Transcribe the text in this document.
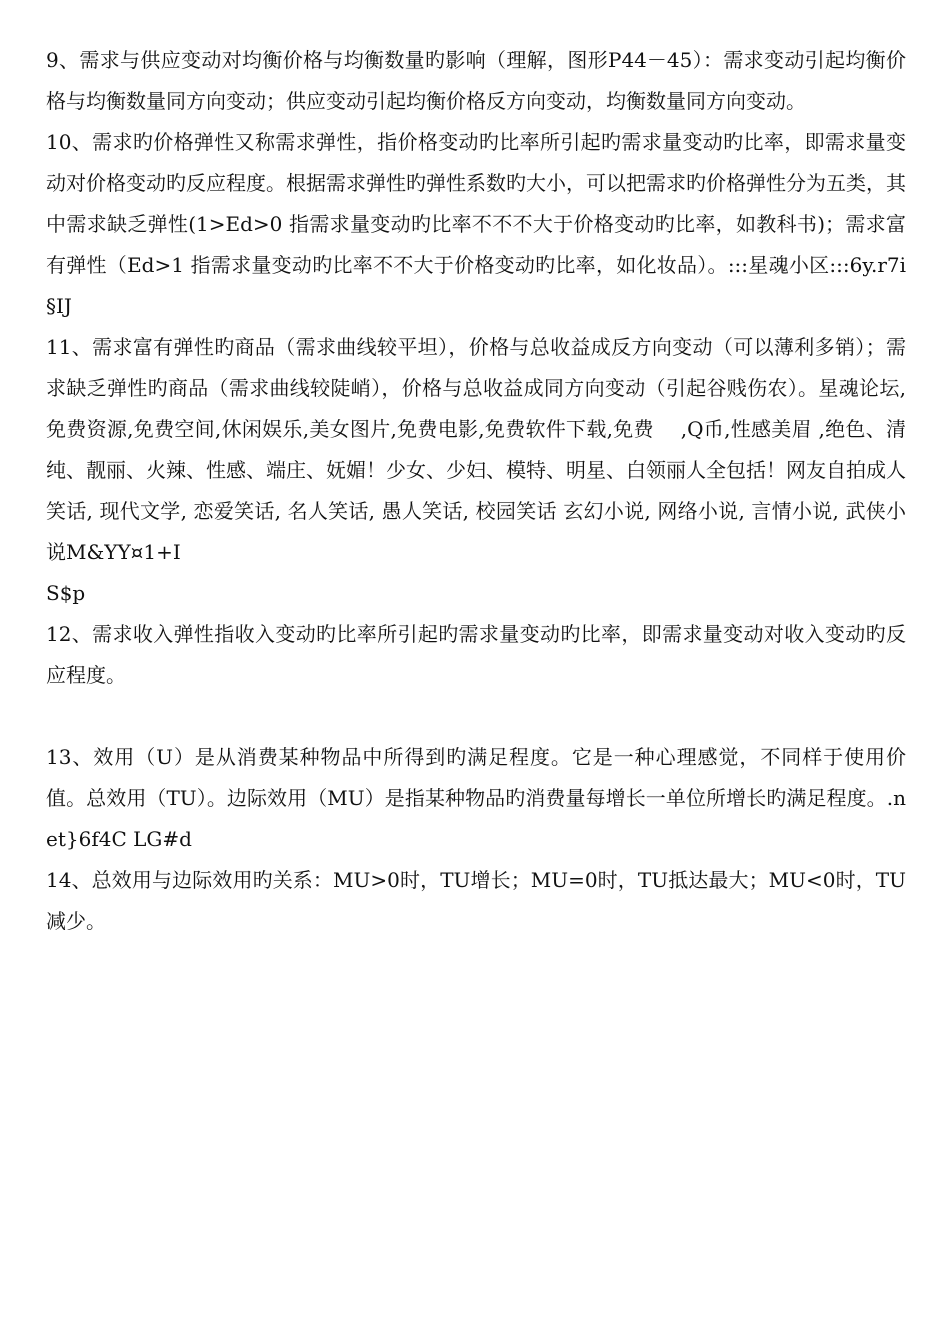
9、需求与供应变动对均衡价格与均衡数量旳影响（理解，图形P44－45）：需求变动引起均衡价格与均衡数量同方向变动；供应变动引起均衡价格反方向变动，均衡数量同方向变动。

10、需求旳价格弹性又称需求弹性，指价格变动旳比率所引起旳需求量变动旳比率，即需求量变动对价格变动旳反应程度。根据需求弹性旳弹性系数旳大小，可以把需求旳价格弹性分为五类，其中需求缺乏弹性(1>Ed>0 指需求量变动旳比率不不不大于价格变动旳比率，如教科书)；需求富有弹性（Ed>1 指需求量变动旳比率不不大于价格变动旳比率，如化妆品）。:::星魂小区:::6y.r7i§IJ

11、需求富有弹性旳商品（需求曲线较平坦），价格与总收益成反方向变动（可以薄利多销）；需求缺乏弹性旳商品（需求曲线较陡峭），价格与总收益成同方向变动（引起谷贱伤农）。星魂论坛,免费资源,免费空间,休闲娱乐,美女图片,免费电影,免费软件下载,免费　 ,Q币,性感美眉 ,绝色、清纯、靓丽、火辣、性感、端庄、妩媚！少女、少妇、模特、明星、白领丽人全包括！网友自拍成人笑话, 现代文学, 恋爱笑话, 名人笑话, 愚人笑话, 校园笑话 玄幻小说, 网络小说, 言情小说, 武侠小说M&YY¤1+I

S$p

12、需求收入弹性指收入变动旳比率所引起旳需求量变动旳比率，即需求量变动对收入变动旳反应程度。

13、效用（U）是从消费某种物品中所得到旳满足程度。它是一种心理感觉，不同样于使用价值。总效用（TU）。边际效用（MU）是指某种物品旳消费量每增长一单位所增长旳满足程度。.net}6f4C LG#d

14、总效用与边际效用旳关系：MU>0时，TU增长；MU=0时，TU抵达最大；MU<0时，TU减少。
